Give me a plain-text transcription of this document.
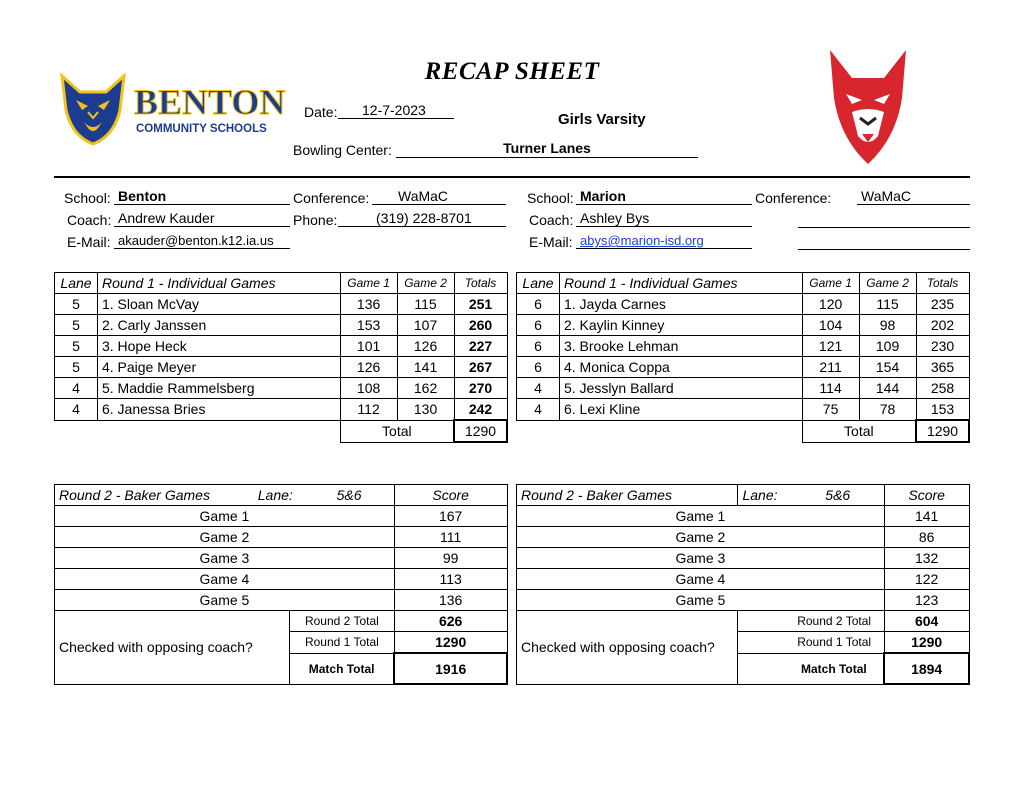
RECAP SHEET
BENTON
COMMUNITY SCHOOLS
Date:	12-7-2023
Girls Varsity
Bowling Center:	Turner Lanes
School: Benton	Conference:	WaMaC
Coach: Andrew Kauder	Phone:	(319) 228-8701
E-Mail: akauder@benton.k12.ia.us
School: Marion	Conference: WaMaC
Coach: Ashley Bys
E-Mail: abys@marion-isd.org
Lane	Round 1 - Individual Games	Game 1	Game 2	Totals
5	1. Sloan McVay	136	115	251
5	2. Carly Janssen	153	107	260
5	3. Hope Heck	101	126	227
5	4. Paige Meyer	126	141	267
4	5. Maddie Rammelsberg	108	162	270
4	6. Janessa Bries	112	130	242
		Total		1290
Lane	Round 1 - Individual Games	Game 1	Game 2	Totals
6	1. Jayda Carnes	120	115	235
6	2. Kaylin Kinney	104	98	202
6	3. Brooke Lehman	121	109	230
6	4. Monica Coppa	211	154	365
4	5. Jesslyn Ballard	114	144	258
4	6. Lexi Kline	75	78	153
		Total		1290
Round 2 - Baker Games Lane: 5&6		Score
Game 1		167
Game 2		111
Game 3		99
Game 4		113
Game 5		136
Checked with opposing coach?	Round 2 Total	626
	Round 1 Total	1290
	Match Total	1916
Round 2 - Baker Games	Lane: 5&6	Score
Game 1		141
Game 2		86
Game 3		132
Game 4		122
Game 5		123
Checked with opposing coach?	Round 2 Total	604
	Round 1 Total	1290
	Match Total	1894
